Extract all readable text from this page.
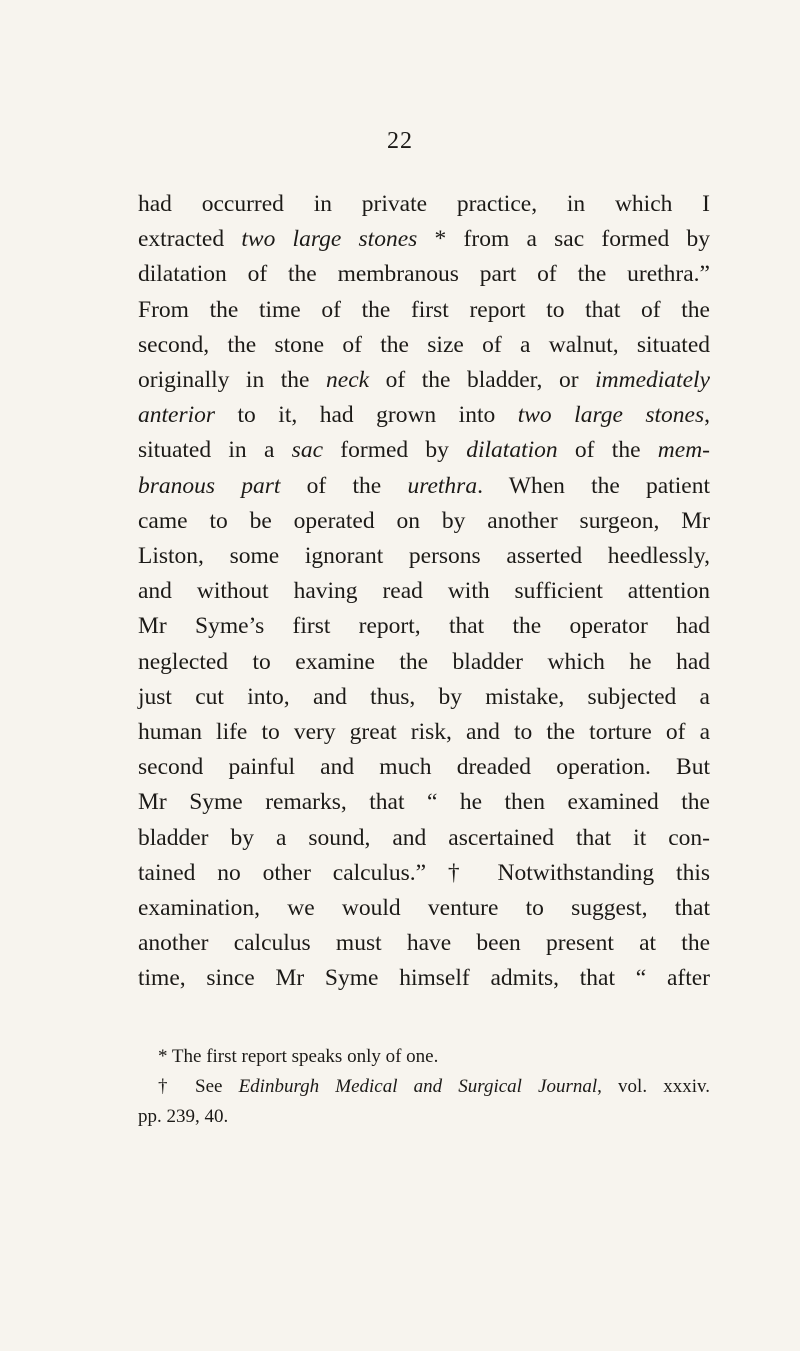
22
had occurred in private practice, in which I
extracted two large stones * from a sac formed by
dilatation of the membranous part of the urethra.”
From the time of the first report to that of the
second, the stone of the size of a walnut, situated
originally in the neck of the bladder, or immediately
anterior to it, had grown into two large stones,
situated in a sac formed by dilatation of the mem-
branous part of the urethra. When the patient
came to be operated on by another surgeon, Mr
Liston, some ignorant persons asserted heedlessly,
and without having read with sufficient attention
Mr Syme’s first report, that the operator had
neglected to examine the bladder which he had
just cut into, and thus, by mistake, subjected a
human life to very great risk, and to the torture of a
second painful and much dreaded operation. But
Mr Syme remarks, that “ he then examined the
bladder by a sound, and ascertained that it con-
tained no other calculus.” † Notwithstanding this
examination, we would venture to suggest, that
another calculus must have been present at the
time, since Mr Syme himself admits, that “ after
* The first report speaks only of one.
† See Edinburgh Medical and Surgical Journal, vol. xxxiv.
pp. 239, 40.
